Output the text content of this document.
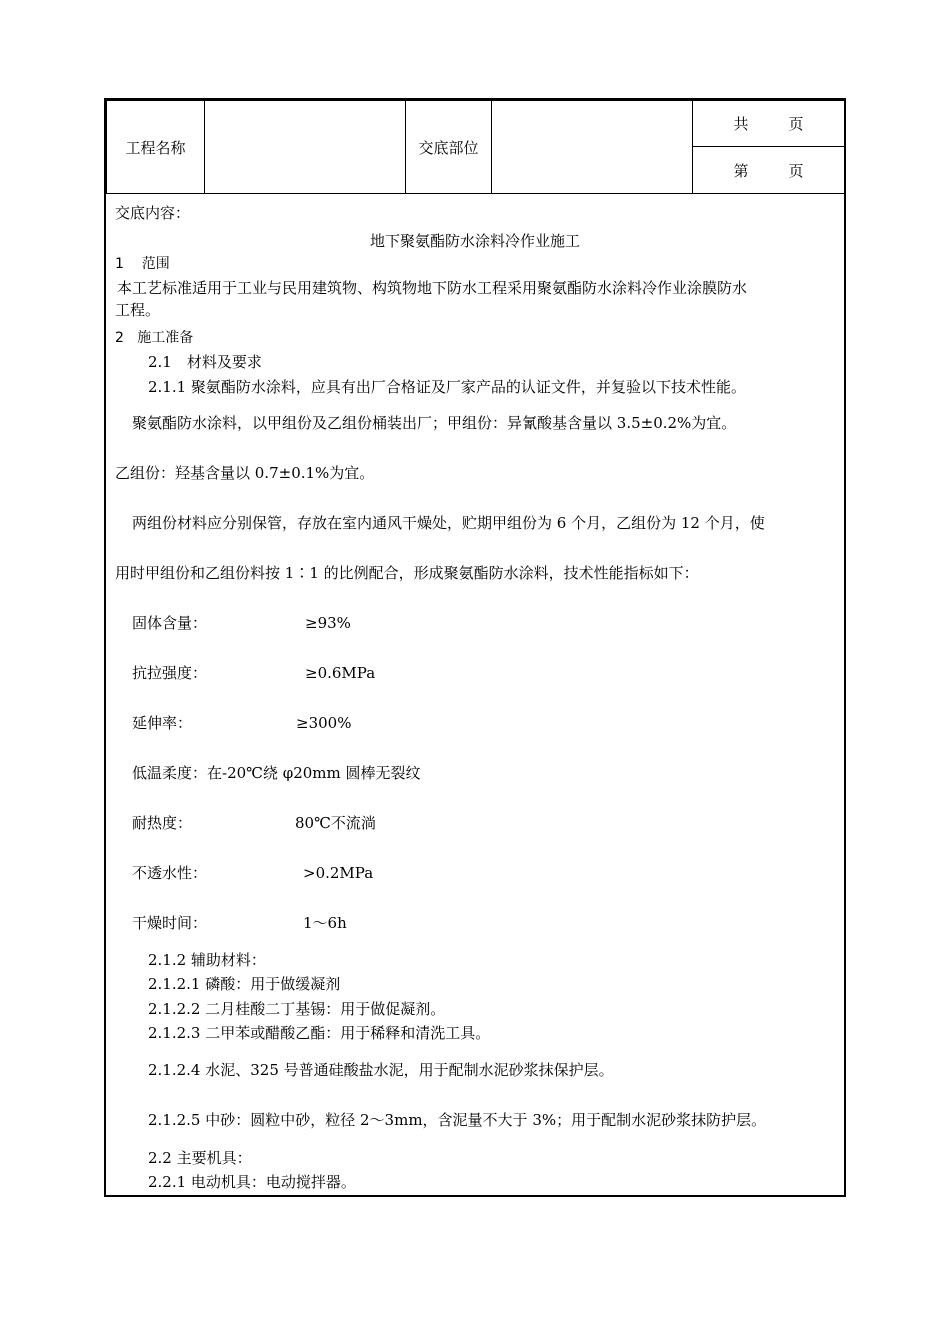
工程名称		交底部位		共	页
第	页
交底内容：
地下聚氨酯防水涂料冷作业施工
1 范围
本工艺标准适用于工业与民用建筑物、构筑物地下防水工程采用聚氨酯防水涂料冷作业涂膜防水
工程。
2 施工准备
2.1　材料及要求
2.1.1 聚氨酯防水涂料，应具有出厂合格证及厂家产品的认证文件，并复验以下技术性能。
聚氨酯防水涂料，以甲组份及乙组份桶装出厂；甲组份：异氰酸基含量以 3.5±0.2%为宜。
乙组份：羟基含量以 0.7±0.1%为宜。
两组份材料应分别保管，存放在室内通风干燥处，贮期甲组份为 6 个月，乙组份为 12 个月，使
用时甲组份和乙组份料按 1∶1 的比例配合，形成聚氨酯防水涂料，技术性能指标如下：
固体含量：	≥93%
抗拉强度：	≥0.6MPa
延伸率：	≥300%
低温柔度：在-20℃绕 φ20mm 圆棒无裂纹
耐热度：	80℃不流淌
不透水性：	>0.2MPa
干燥时间：	1～6h
2.1.2 辅助材料：
2.1.2.1 磷酸：用于做缓凝剂
2.1.2.2 二月桂酸二丁基锡：用于做促凝剂。
2.1.2.3 二甲苯或醋酸乙酯：用于稀释和清洗工具。
2.1.2.4 水泥、325 号普通硅酸盐水泥，用于配制水泥砂浆抹保护层。
2.1.2.5 中砂：圆粒中砂，粒径 2～3mm，含泥量不大于 3%；用于配制水泥砂浆抹防护层。
2.2 主要机具：
2.2.1 电动机具：电动搅拌器。
